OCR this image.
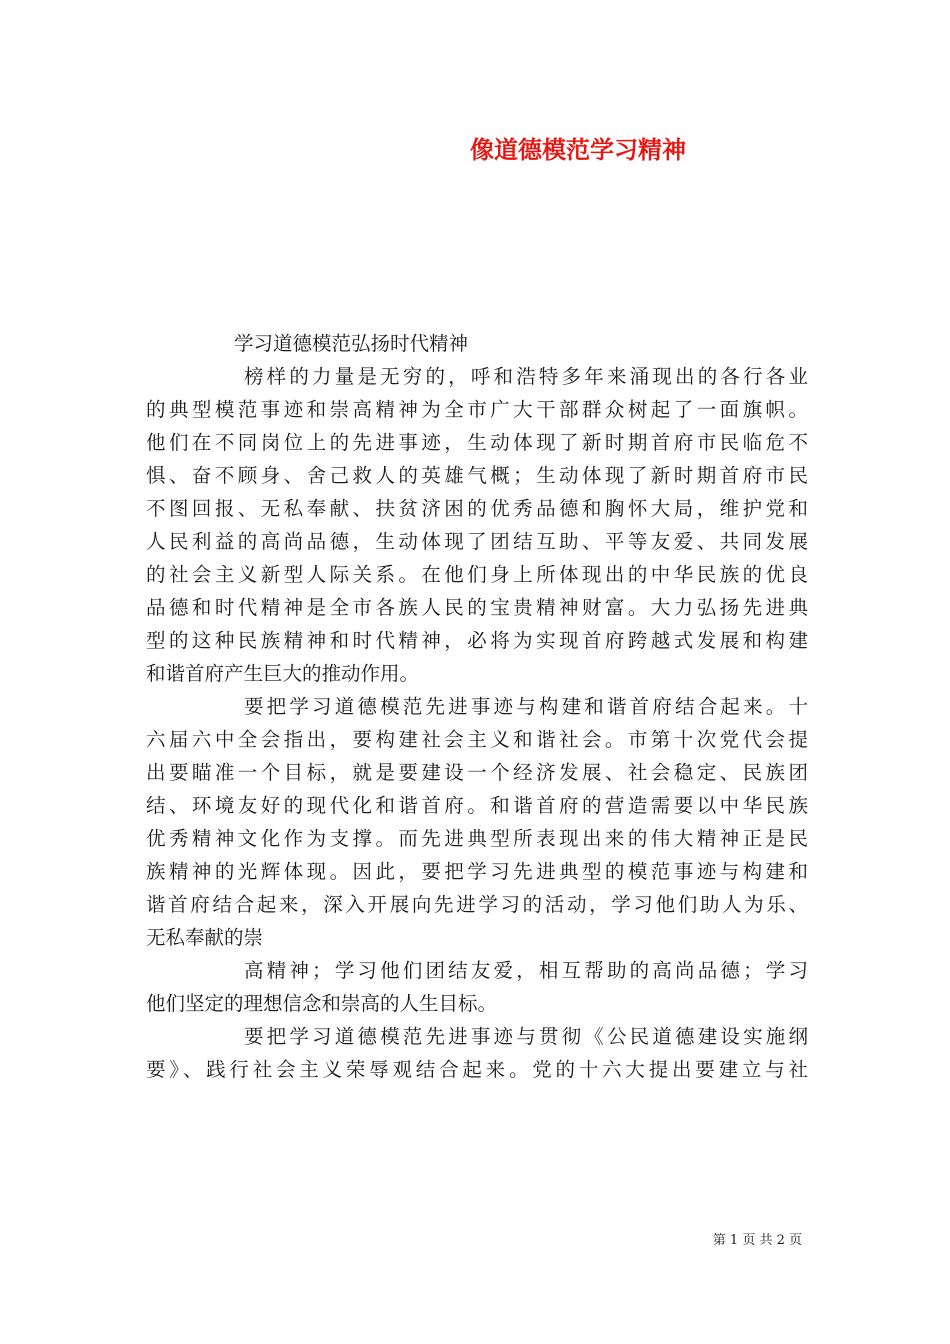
像道德模范学习精神
学习道德模范弘扬时代精神
榜样的力量是无穷的，呼和浩特多年来涌现出的各行各业
的典型模范事迹和崇高精神为全市广大干部群众树起了一面旗帜。
他们在不同岗位上的先进事迹，生动体现了新时期首府市民临危不
惧、奋不顾身、舍己救人的英雄气概；生动体现了新时期首府市民
不图回报、无私奉献、扶贫济困的优秀品德和胸怀大局，维护党和
人民利益的高尚品德，生动体现了团结互助、平等友爱、共同发展
的社会主义新型人际关系。在他们身上所体现出的中华民族的优良
品德和时代精神是全市各族人民的宝贵精神财富。大力弘扬先进典
型的这种民族精神和时代精神，必将为实现首府跨越式发展和构建
和谐首府产生巨大的推动作用。
要把学习道德模范先进事迹与构建和谐首府结合起来。十
六届六中全会指出，要构建社会主义和谐社会。市第十次党代会提
出要瞄准一个目标，就是要建设一个经济发展、社会稳定、民族团
结、环境友好的现代化和谐首府。和谐首府的营造需要以中华民族
优秀精神文化作为支撑。而先进典型所表现出来的伟大精神正是民
族精神的光辉体现。因此，要把学习先进典型的模范事迹与构建和
谐首府结合起来，深入开展向先进学习的活动，学习他们助人为乐、
无私奉献的崇
高精神；学习他们团结友爱，相互帮助的高尚品德；学习
他们坚定的理想信念和崇高的人生目标。
要把学习道德模范先进事迹与贯彻《公民道德建设实施纲
要》、践行社会主义荣辱观结合起来。党的十六大提出要建立与社
第 1 页 共 2 页
